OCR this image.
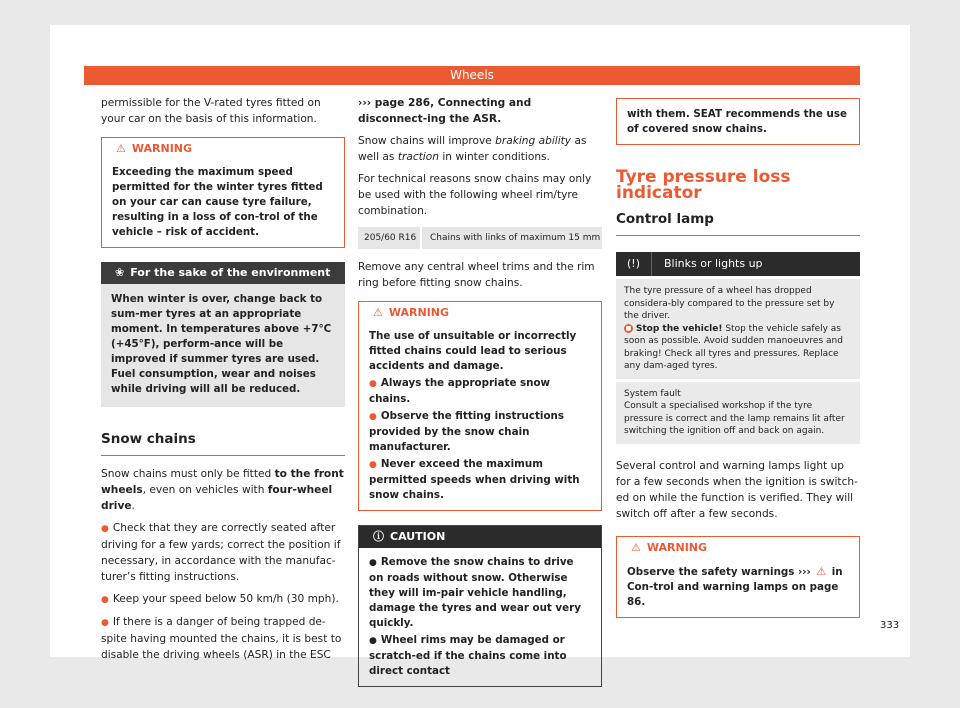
Wheels

permissible for the V-rated tyres fitted on your car on the basis of this information.

⚠ WARNING
Exceeding the maximum speed permitted for the winter tyres fitted on your car can cause tyre failure, resulting in a loss of con-trol of the vehicle – risk of accident.
❀ For the sake of the environment
When winter is over, change back to sum-mer tyres at an appropriate moment. In temperatures above +7°C (+45°F), perform-ance will be improved if summer tyres are used. Fuel consumption, wear and noises while driving will all be reduced.
Snow chains

Snow chains must only be fitted to the front wheels, even on vehicles with four-wheel drive.

● Check that they are correctly seated after driving for a few yards; correct the position if necessary, in accordance with the manufac-turer’s fitting instructions.

● Keep your speed below 50 km/h (30 mph).

● If there is a danger of being trapped de-spite having mounted the chains, it is best to disable the driving wheels (ASR) in the ESC

››› page 286, Connecting and disconnect-ing the ASR.

Snow chains will improve braking ability as well as traction in winter conditions.

For technical reasons snow chains may only be used with the following wheel rim/tyre combination.

205/60 R16	Chains with links of maximum 15 mm

Remove any central wheel trims and the rim ring before fitting snow chains.

⚠ WARNING
The use of unsuitable or incorrectly fitted chains could lead to serious accidents and damage.
● Always the appropriate snow chains.
● Observe the fitting instructions provided by the snow chain manufacturer.
● Never exceed the maximum permitted speeds when driving with snow chains.
ⓘ CAUTION
● Remove the snow chains to drive on roads without snow. Otherwise they will im-pair vehicle handling, damage the tyres and wear out very quickly.
● Wheel rims may be damaged or scratch-ed if the chains come into direct contact
with them. SEAT recommends the use of covered snow chains.
Tyre pressure loss indicator
Control lamp
(!)	Blinks or lights up
The tyre pressure of a wheel has dropped considera-bly compared to the pressure set by the driver.
■ Stop the vehicle! Stop the vehicle safely as soon as possible. Avoid sudden manoeuvres and braking! Check all tyres and pressures. Replace any dam-aged tyres.
System fault
Consult a specialised workshop if the tyre pressure is correct and the lamp remains lit after switching the ignition off and back on again.

Several control and warning lamps light up for a few seconds when the ignition is switch-ed on while the function is verified. They will switch off after a few seconds.

⚠ WARNING
Observe the safety warnings ››› ⚠ in Con-trol and warning lamps on page 86.
333
